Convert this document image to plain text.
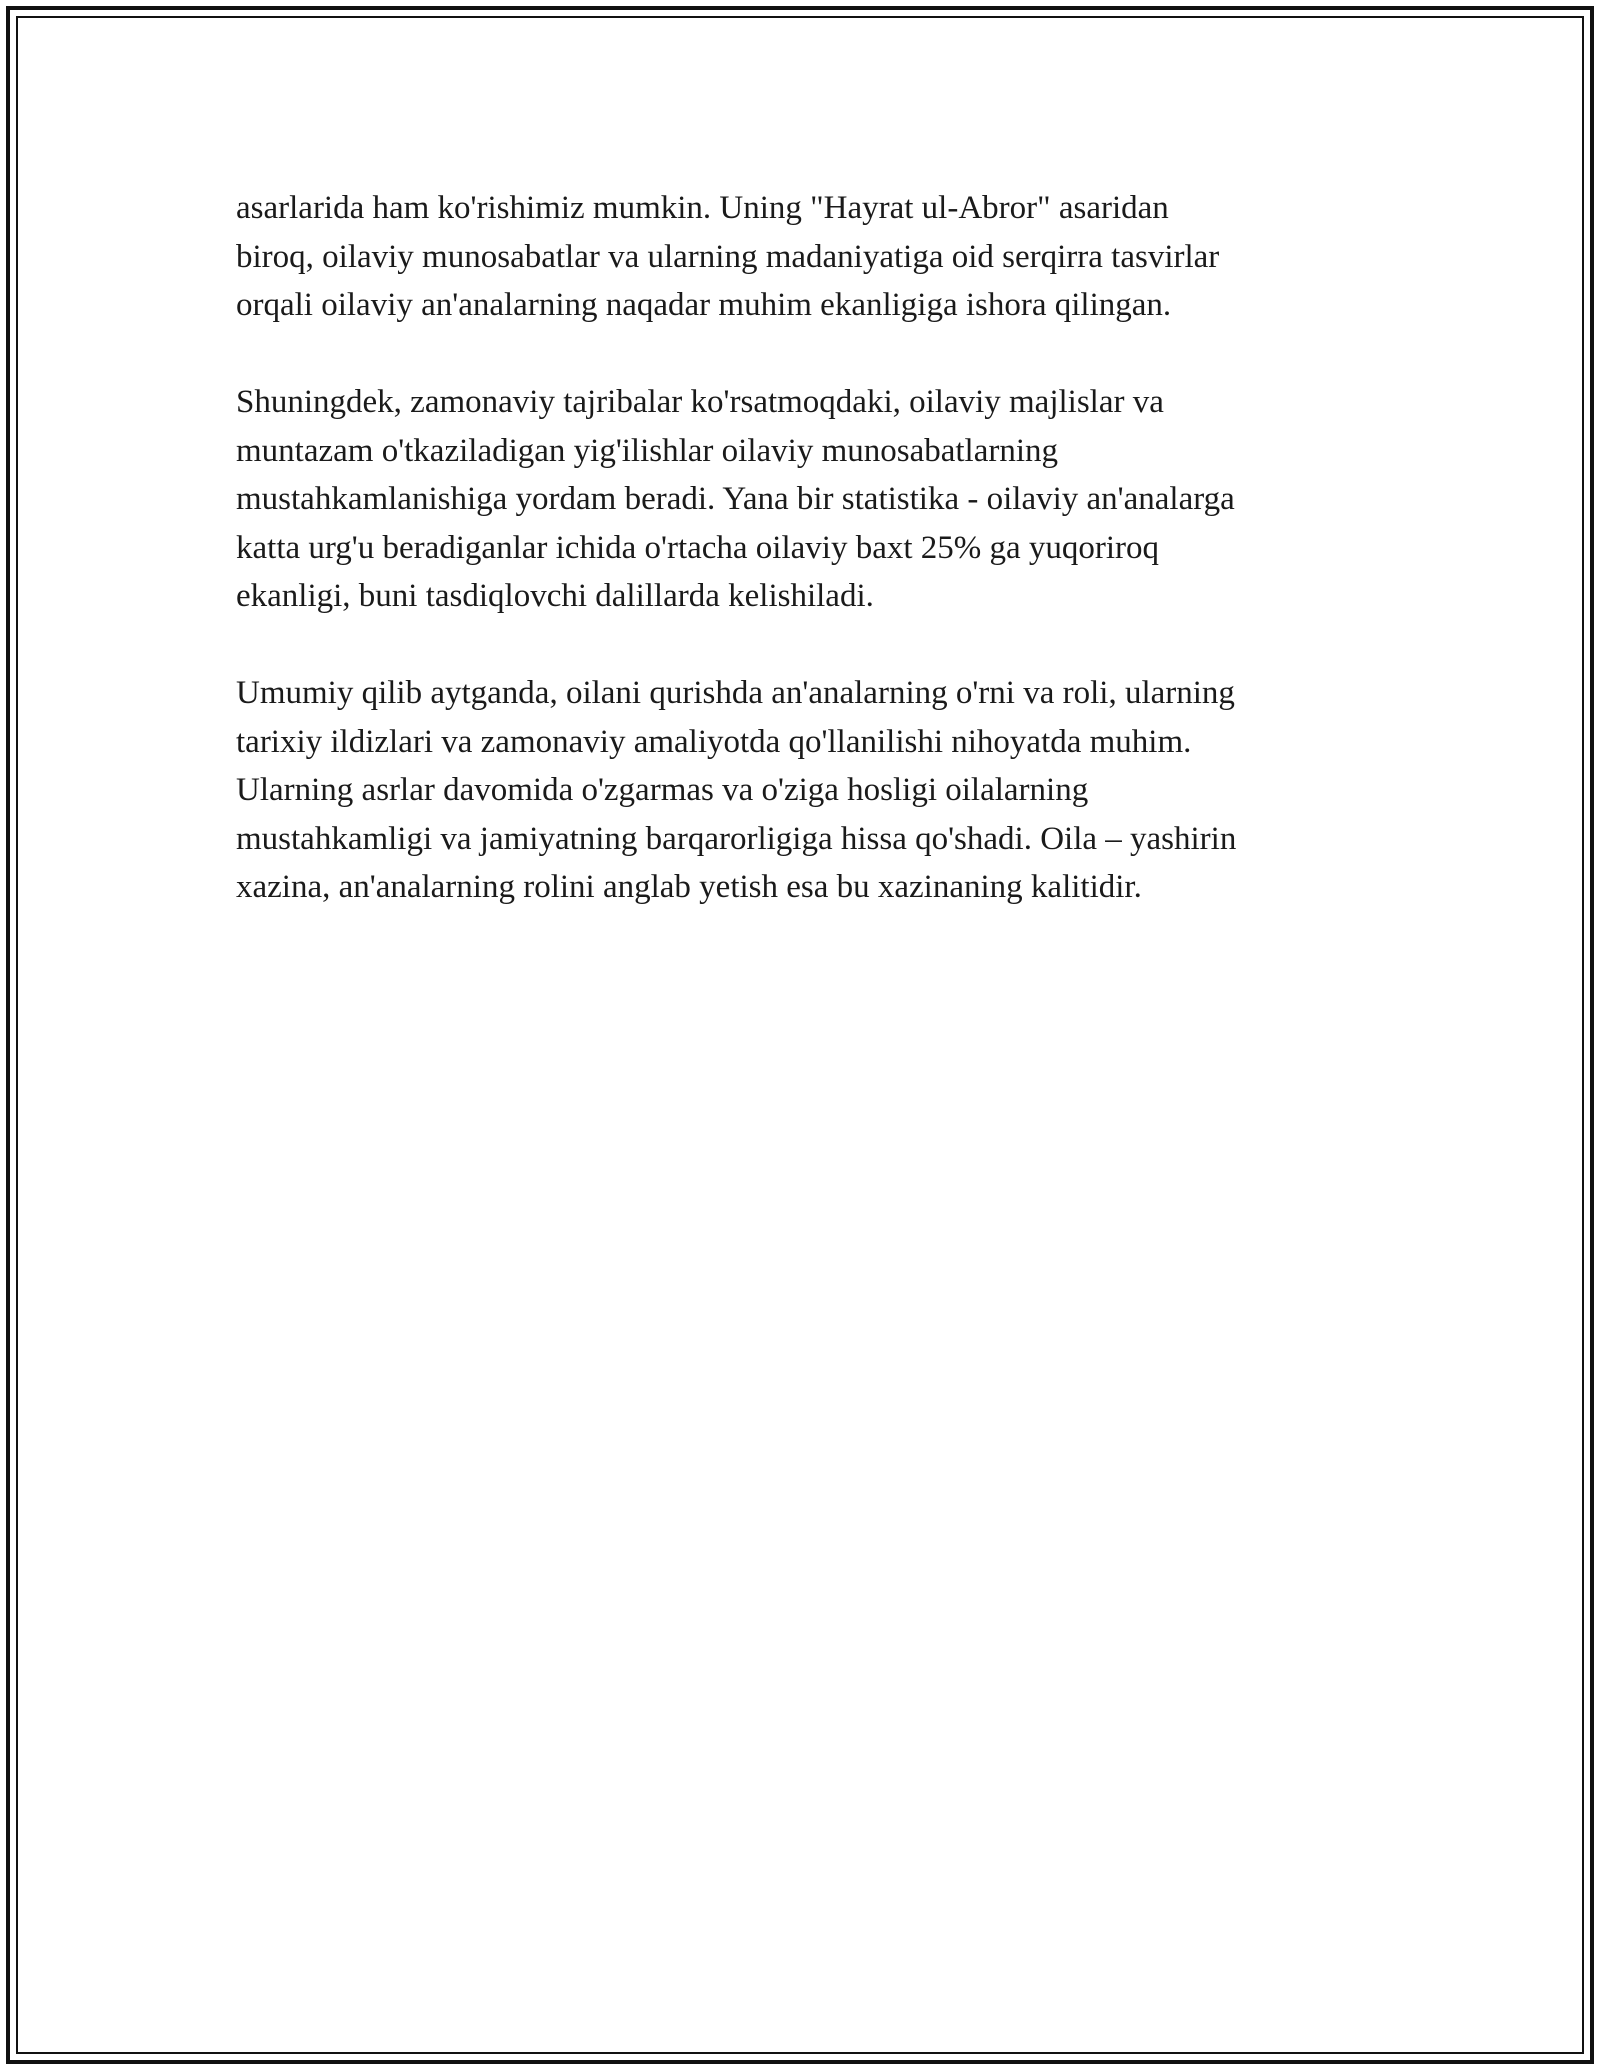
asarlarida ham ko'rishimiz mumkin. Uning "Hayrat ul-Abror" asaridan
biroq, oilaviy munosabatlar va ularning madaniyatiga oid serqirra tasvirlar
orqali oilaviy an'analarning naqadar muhim ekanligiga ishora qilingan.

Shuningdek, zamonaviy tajribalar ko'rsatmoqdaki, oilaviy majlislar va
muntazam o'tkaziladigan yig'ilishlar oilaviy munosabatlarning
mustahkamlanishiga yordam beradi. Yana bir statistika - oilaviy an'analarga
katta urg'u beradiganlar ichida o'rtacha oilaviy baxt 25% ga yuqoriroq
ekanligi, buni tasdiqlovchi dalillarda kelishiladi.

Umumiy qilib aytganda, oilani qurishda an'analarning o'rni va roli, ularning
tarixiy ildizlari va zamonaviy amaliyotda qo'llanilishi nihoyatda muhim.
Ularning asrlar davomida o'zgarmas va o'ziga hosligi oilalarning
mustahkamligi va jamiyatning barqarorligiga hissa qo'shadi. Oila – yashirin
xazina, an'analarning rolini anglab yetish esa bu xazinaning kalitidir.
